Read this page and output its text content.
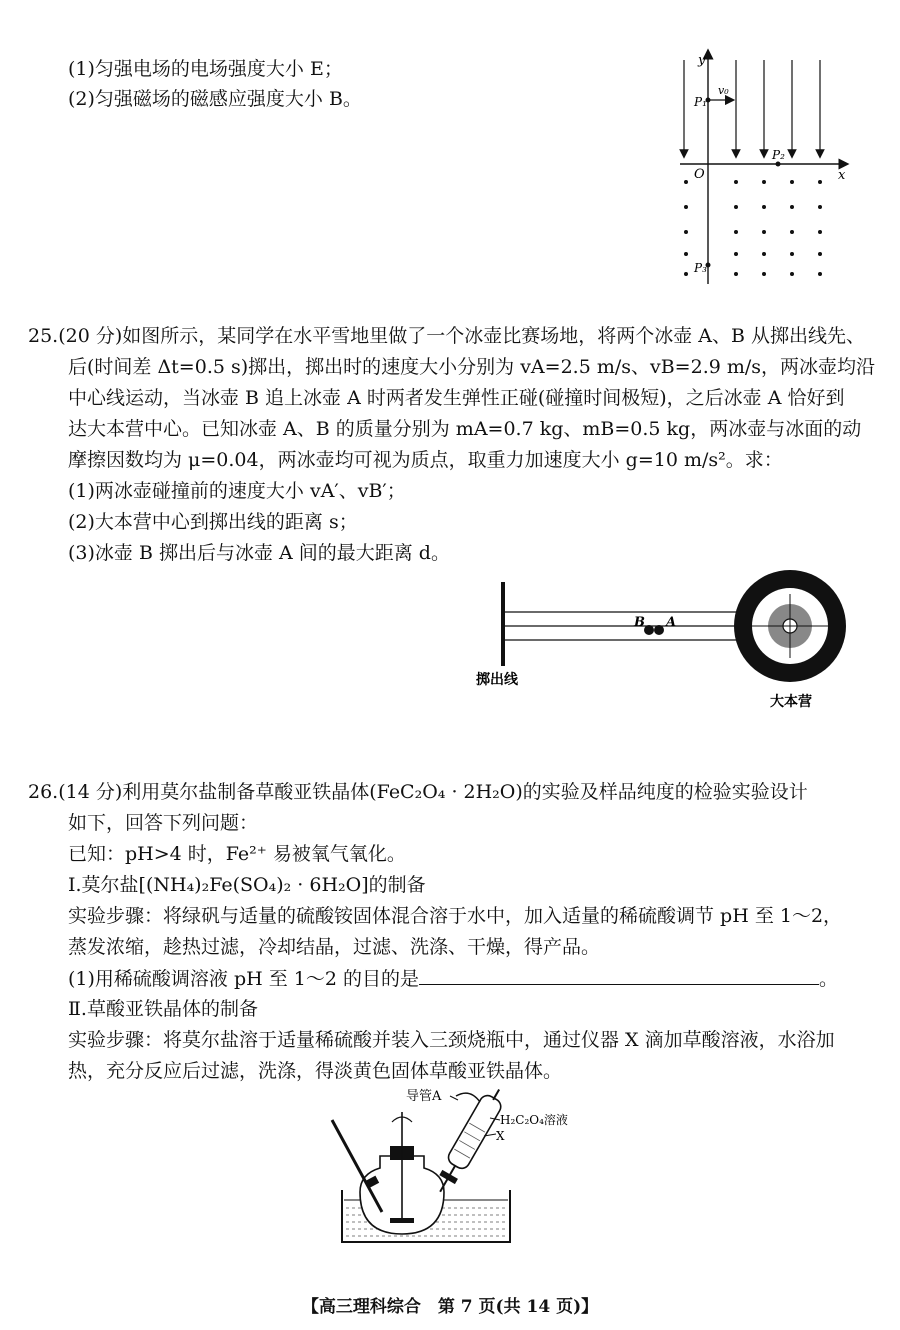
(1)匀强电场的电场强度大小 E；
(2)匀强磁场的磁感应强度大小 B。
y
x
O
P₁
v₀
P₂
P₃
25.(20 分)如图所示，某同学在水平雪地里做了一个冰壶比赛场地，将两个冰壶 A、B 从掷出线先、
后(时间差 Δt=0.5 s)掷出，掷出时的速度大小分别为 vA=2.5 m/s、vB=2.9 m/s，两冰壶均沿
中心线运动，当冰壶 B 追上冰壶 A 时两者发生弹性正碰(碰撞时间极短)，之后冰壶 A 恰好到
达大本营中心。已知冰壶 A、B 的质量分别为 mA=0.7 kg、mB=0.5 kg，两冰壶与冰面的动
摩擦因数均为 μ=0.04，两冰壶均可视为质点，取重力加速度大小 g=10 m/s²。求：
(1)两冰壶碰撞前的速度大小 vA′、vB′；
(2)大本营中心到掷出线的距离 s；
(3)冰壶 B 掷出后与冰壶 A 间的最大距离 d。
B A
掷出线
大本营
26.(14 分)利用莫尔盐制备草酸亚铁晶体(FeC₂O₄ · 2H₂O)的实验及样品纯度的检验实验设计
如下，回答下列问题：
已知：pH>4 时，Fe²⁺ 易被氧气氧化。
Ⅰ.莫尔盐[(NH₄)₂Fe(SO₄)₂ · 6H₂O]的制备
实验步骤：将绿矾与适量的硫酸铵固体混合溶于水中，加入适量的稀硫酸调节 pH 至 1～2，
蒸发浓缩，趁热过滤，冷却结晶，过滤、洗涤、干燥，得产品。
(1)用稀硫酸调溶液 pH 至 1～2 的目的是	。
Ⅱ.草酸亚铁晶体的制备
实验步骤：将莫尔盐溶于适量稀硫酸并装入三颈烧瓶中，通过仪器 X 滴加草酸溶液，水浴加
热，充分反应后过滤，洗涤，得淡黄色固体草酸亚铁晶体。
导管A
H₂C₂O₄溶液
X
【高三理科综合　第 7 页(共 14 页)】
